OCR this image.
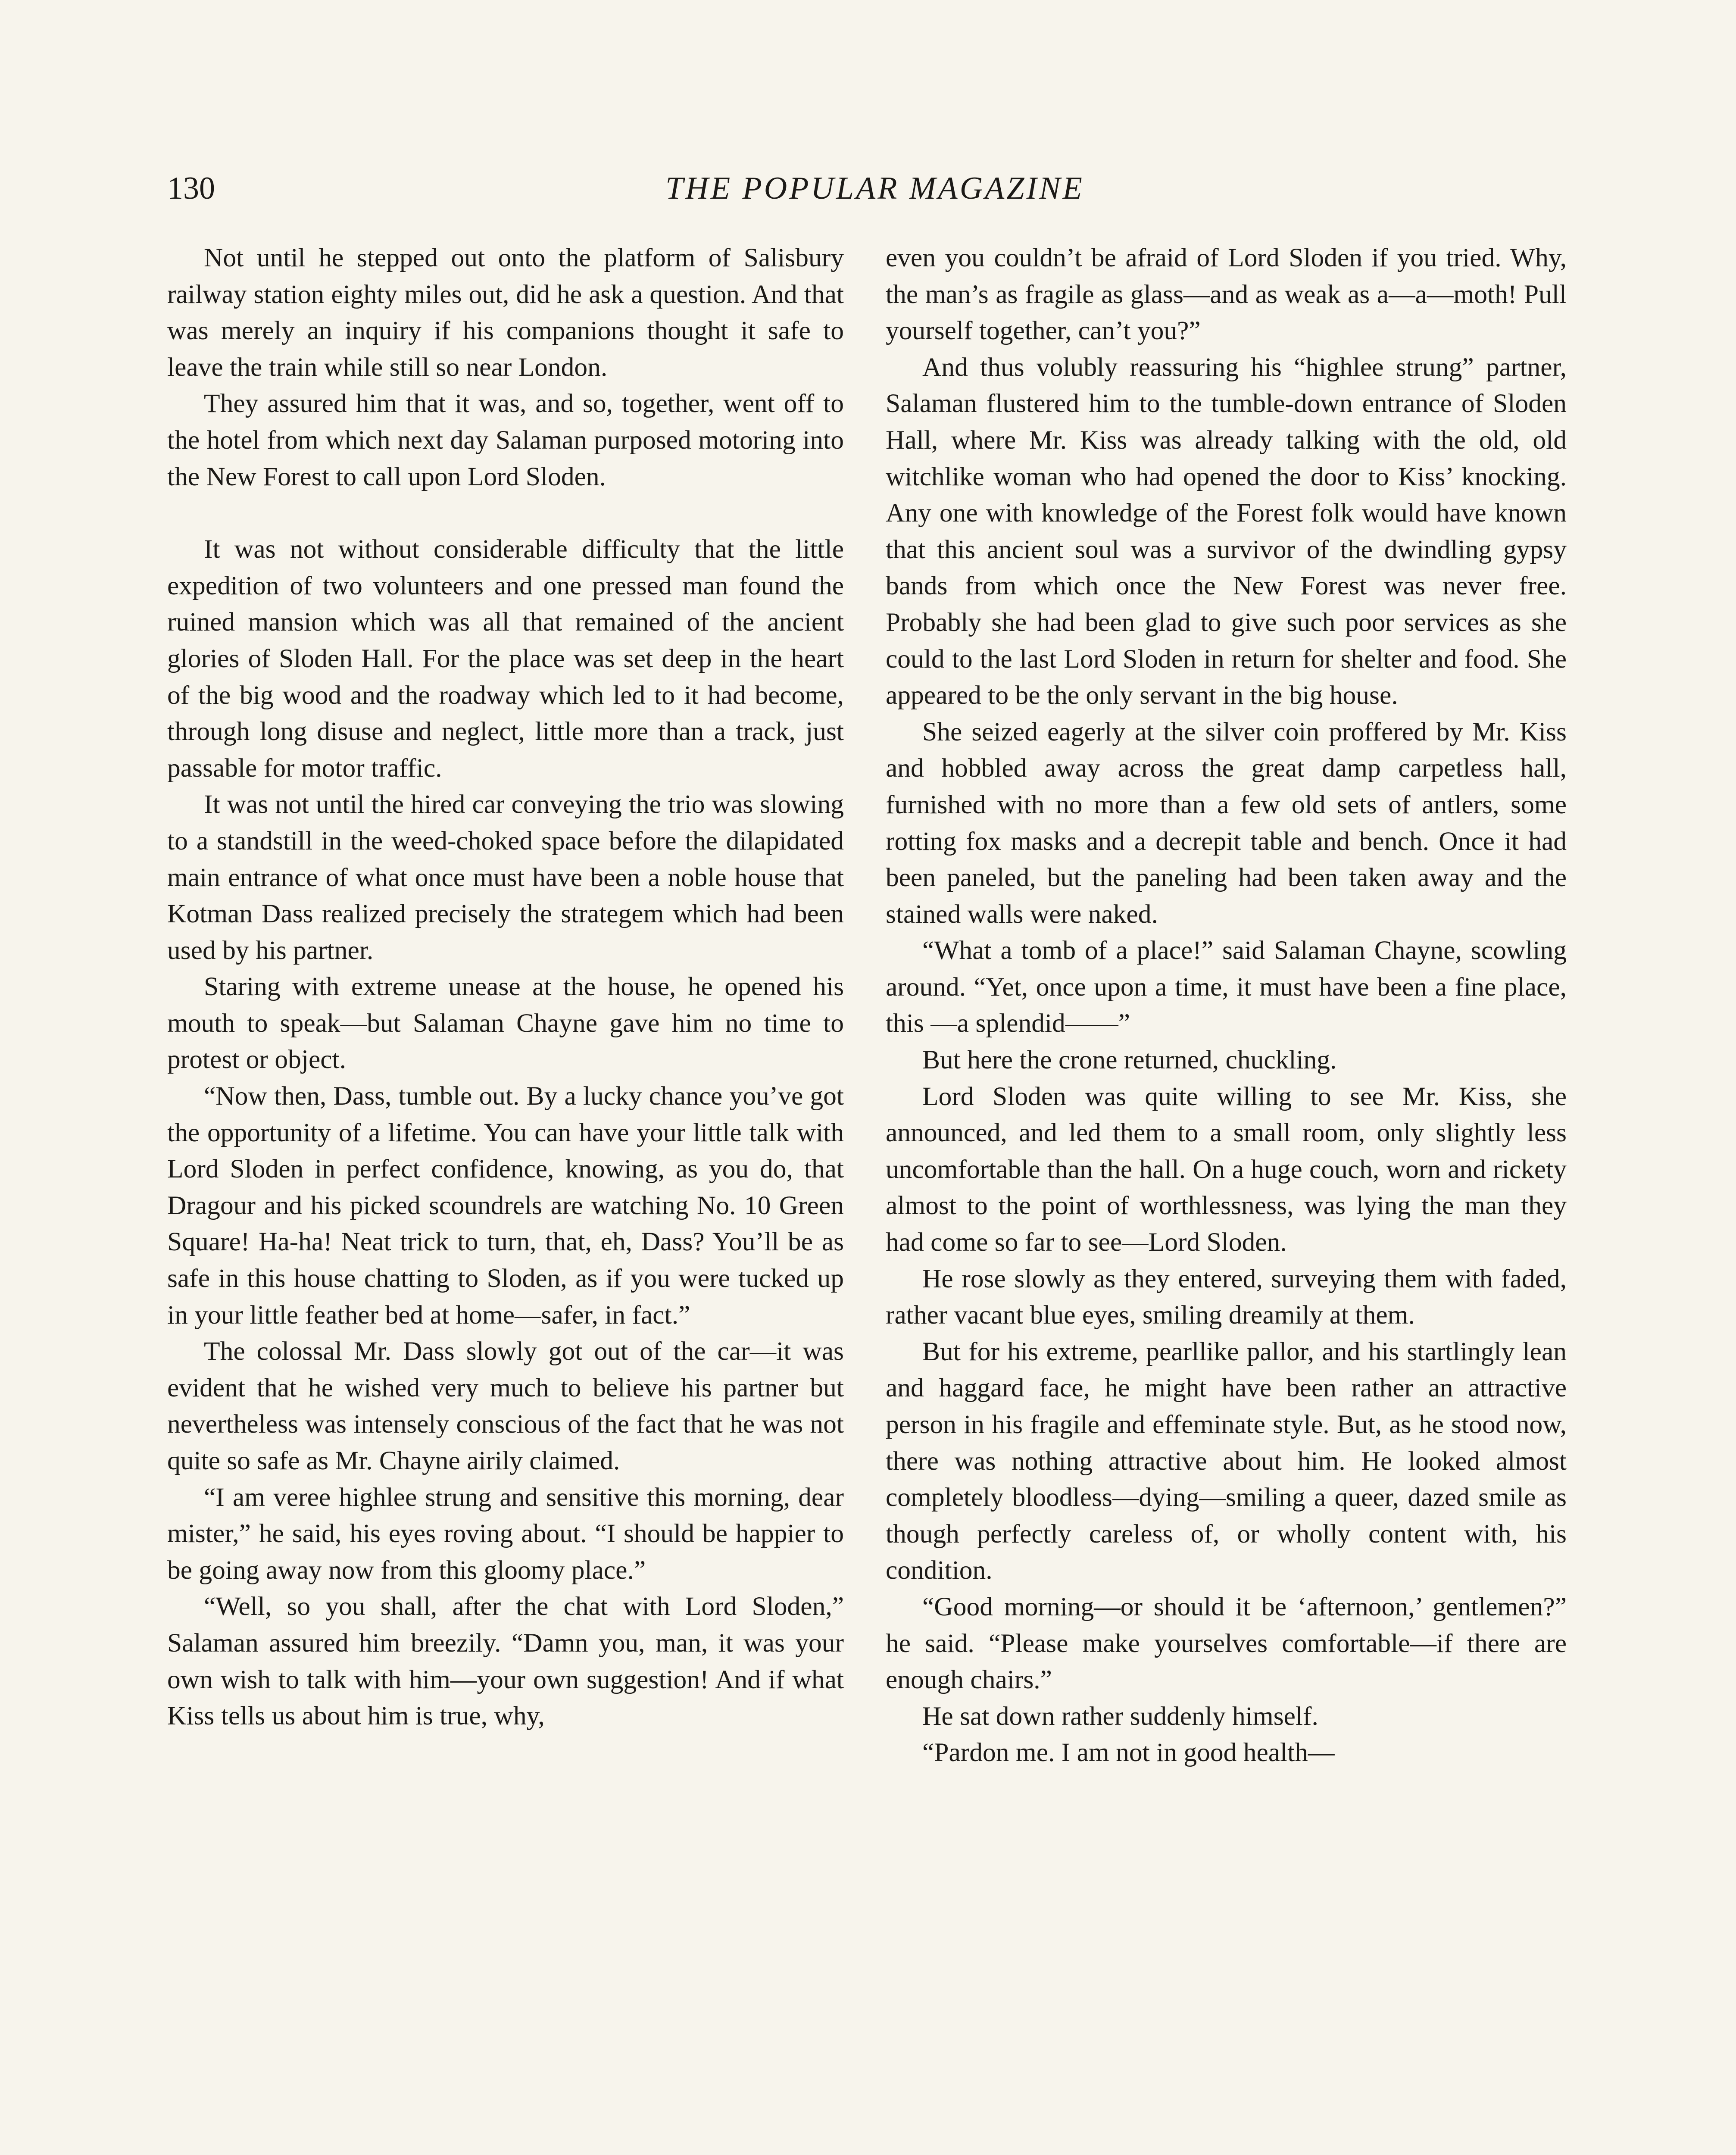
130	THE POPULAR MAGAZINE

Not until he stepped out onto the platform of Salisbury railway station eighty miles out, did he ask a question. And that was merely an inquiry if his companions thought it safe to leave the train while still so near London.

They assured him that it was, and so, together, went off to the hotel from which next day Salaman purposed motoring into the New Forest to call upon Lord Sloden.

It was not without considerable difficulty that the little expedition of two volunteers and one pressed man found the ruined mansion which was all that remained of the ancient glories of Sloden Hall. For the place was set deep in the heart of the big wood and the roadway which led to it had become, through long disuse and neglect, little more than a track, just passable for motor traffic.

It was not until the hired car conveying the trio was slowing to a standstill in the weed-choked space before the dilapidated main entrance of what once must have been a noble house that Kotman Dass realized precisely the strategem which had been used by his partner.

Staring with extreme unease at the house, he opened his mouth to speak—but Salaman Chayne gave him no time to protest or object.

“Now then, Dass, tumble out. By a lucky chance you’ve got the opportunity of a lifetime. You can have your little talk with Lord Sloden in perfect confidence, knowing, as you do, that Dragour and his picked scoundrels are watching No. 10 Green Square! Ha-ha! Neat trick to turn, that, eh, Dass? You’ll be as safe in this house chatting to Sloden, as if you were tucked up in your little feather bed at home—safer, in fact.”

The colossal Mr. Dass slowly got out of the car—it was evident that he wished very much to believe his partner but nevertheless was intensely conscious of the fact that he was not quite so safe as Mr. Chayne airily claimed.

“I am veree highlee strung and sensitive this morning, dear mister,” he said, his eyes roving about. “I should be happier to be going away now from this gloomy place.”

“Well, so you shall, after the chat with Lord Sloden,” Salaman assured him breezily. “Damn you, man, it was your own wish to talk with him—your own suggestion! And if what Kiss tells us about him is true, why,

even you couldn’t be afraid of Lord Sloden if you tried. Why, the man’s as fragile as glass—and as weak as a—a—moth! Pull yourself together, can’t you?”

And thus volubly reassuring his “highlee strung” partner, Salaman flustered him to the tumble-down entrance of Sloden Hall, where Mr. Kiss was already talking with the old, old witchlike woman who had opened the door to Kiss’ knocking. Any one with knowledge of the Forest folk would have known that this ancient soul was a survivor of the dwindling gypsy bands from which once the New Forest was never free. Probably she had been glad to give such poor services as she could to the last Lord Sloden in return for shelter and food. She appeared to be the only servant in the big house.

She seized eagerly at the silver coin proffered by Mr. Kiss and hobbled away across the great damp carpetless hall, furnished with no more than a few old sets of antlers, some rotting fox masks and a decrepit table and bench. Once it had been paneled, but the paneling had been taken away and the stained walls were naked.

“What a tomb of a place!” said Salaman Chayne, scowling around. “Yet, once upon a time, it must have been a fine place, this —a splendid——”

But here the crone returned, chuckling.

Lord Sloden was quite willing to see Mr. Kiss, she announced, and led them to a small room, only slightly less uncomfortable than the hall. On a huge couch, worn and rickety almost to the point of worthlessness, was lying the man they had come so far to see—Lord Sloden.

He rose slowly as they entered, surveying them with faded, rather vacant blue eyes, smiling dreamily at them.

But for his extreme, pearllike pallor, and his startlingly lean and haggard face, he might have been rather an attractive person in his fragile and effeminate style. But, as he stood now, there was nothing attractive about him. He looked almost completely bloodless—dying—smiling a queer, dazed smile as though perfectly careless of, or wholly content with, his condition.

“Good morning—or should it be ‘afternoon,’ gentlemen?” he said. “Please make yourselves comfortable—if there are enough chairs.”

He sat down rather suddenly himself.

“Pardon me. I am not in good health—
